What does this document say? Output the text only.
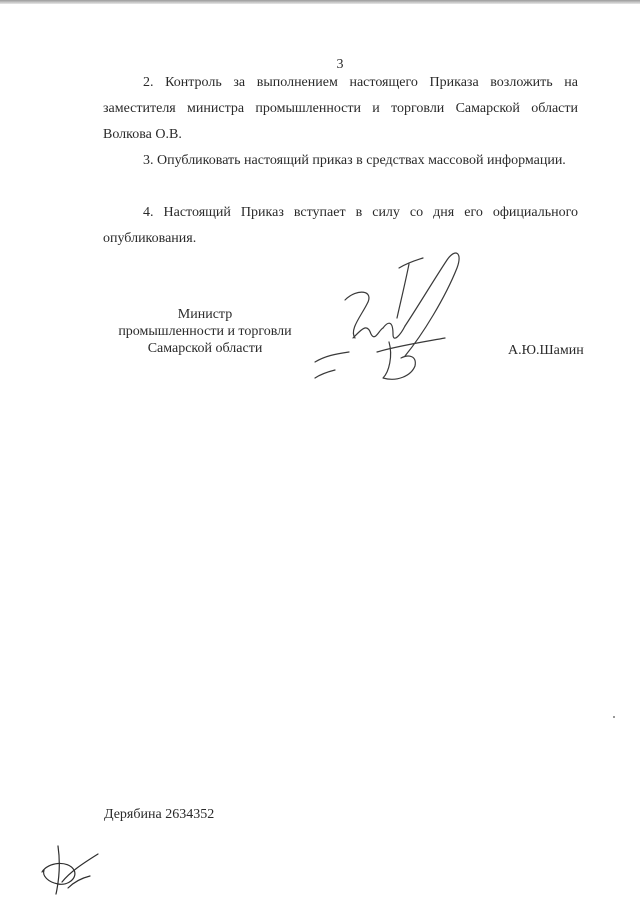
3

2. Контроль за выполнением настоящего Приказа возложить на заместителя министра промышленности и торговли Самарской области Волкова О.В.

3. Опубликовать настоящий приказ в средствах массовой информации.

4. Настоящий Приказ вступает в силу со дня его официального опубликования.

Министр
промышленности и торговли
Самарской области	А.Ю.Шамин
Дерябина 2634352
